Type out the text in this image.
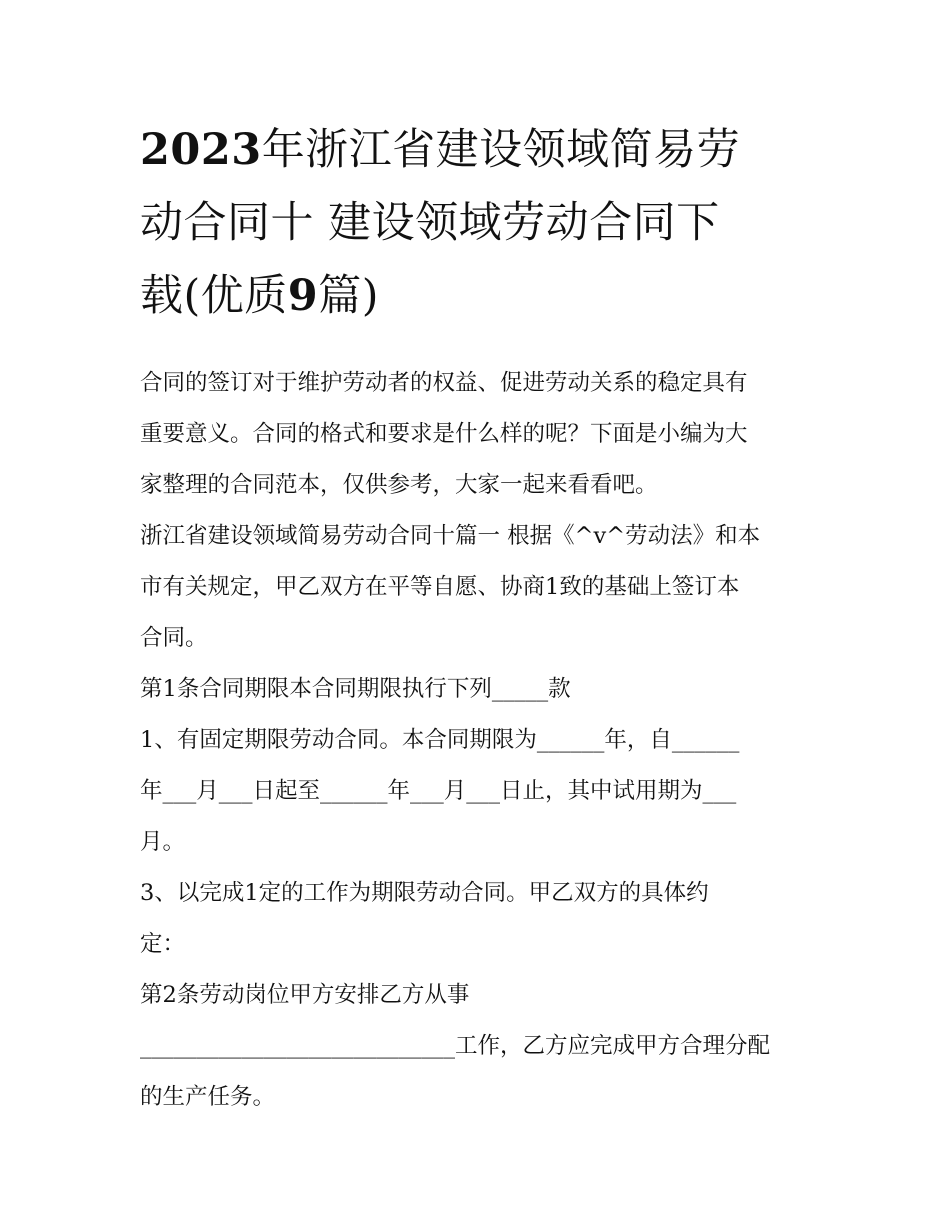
2023年浙江省建设领域简易劳
动合同十 建设领域劳动合同下
载(优质9篇)

合同的签订对于维护劳动者的权益、促进劳动关系的稳定具有
重要意义。合同的格式和要求是什么样的呢？下面是小编为大
家整理的合同范本，仅供参考，大家一起来看看吧。

浙江省建设领域简易劳动合同十篇一 根据《^v^劳动法》和本
市有关规定，甲乙双方在平等自愿、协商1致的基础上签订本
合同。

第1条合同期限本合同期限执行下列_____款

1、有固定期限劳动合同。本合同期限为______年，自______
年___月___日起至______年___月___日止，其中试用期为___
月。

3、以完成1定的工作为期限劳动合同。甲乙双方的具体约
定：

第2条劳动岗位甲方安排乙方从事
____________________________工作，乙方应完成甲方合理分配
的生产任务。
